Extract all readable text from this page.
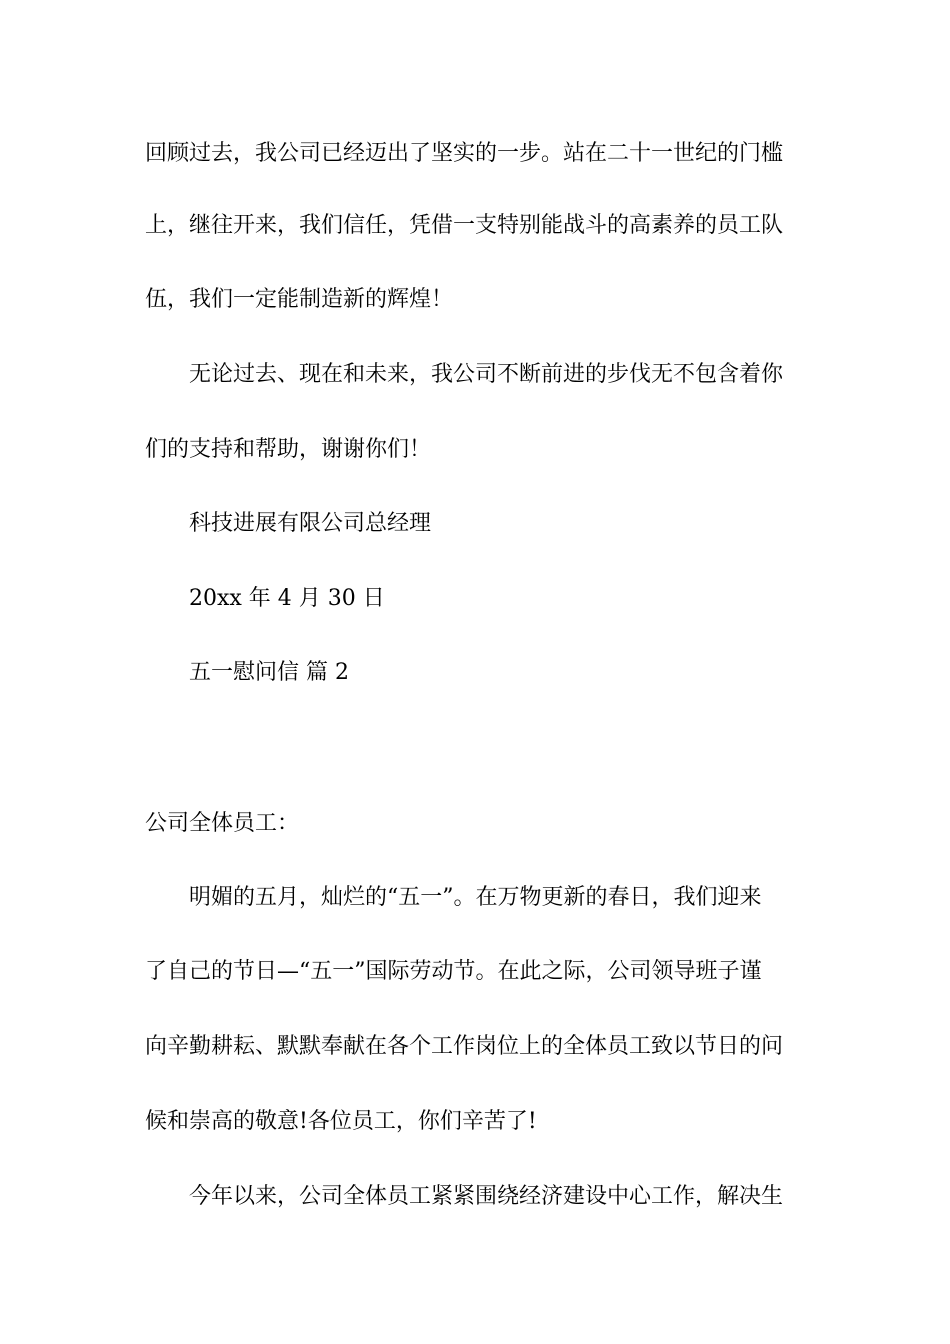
回顾过去，我公司已经迈出了坚实的一步。站在二十一世纪的门槛
上，继往开来，我们信任，凭借一支特别能战斗的高素养的员工队
伍，我们一定能制造新的辉煌！
无论过去、现在和未来，我公司不断前进的步伐无不包含着你
们的支持和帮助，谢谢你们！
科技进展有限公司总经理
20xx 年 4 月 30 日
五一慰问信 篇 2
公司全体员工：
明媚的五月，灿烂的“五一”。在万物更新的春日，我们迎来
了自己的节日—“五一”国际劳动节。在此之际，公司领导班子谨
向辛勤耕耘、默默奉献在各个工作岗位上的全体员工致以节日的问
候和崇高的敬意!各位员工，你们辛苦了!
今年以来，公司全体员工紧紧围绕经济建设中心工作，解决生
